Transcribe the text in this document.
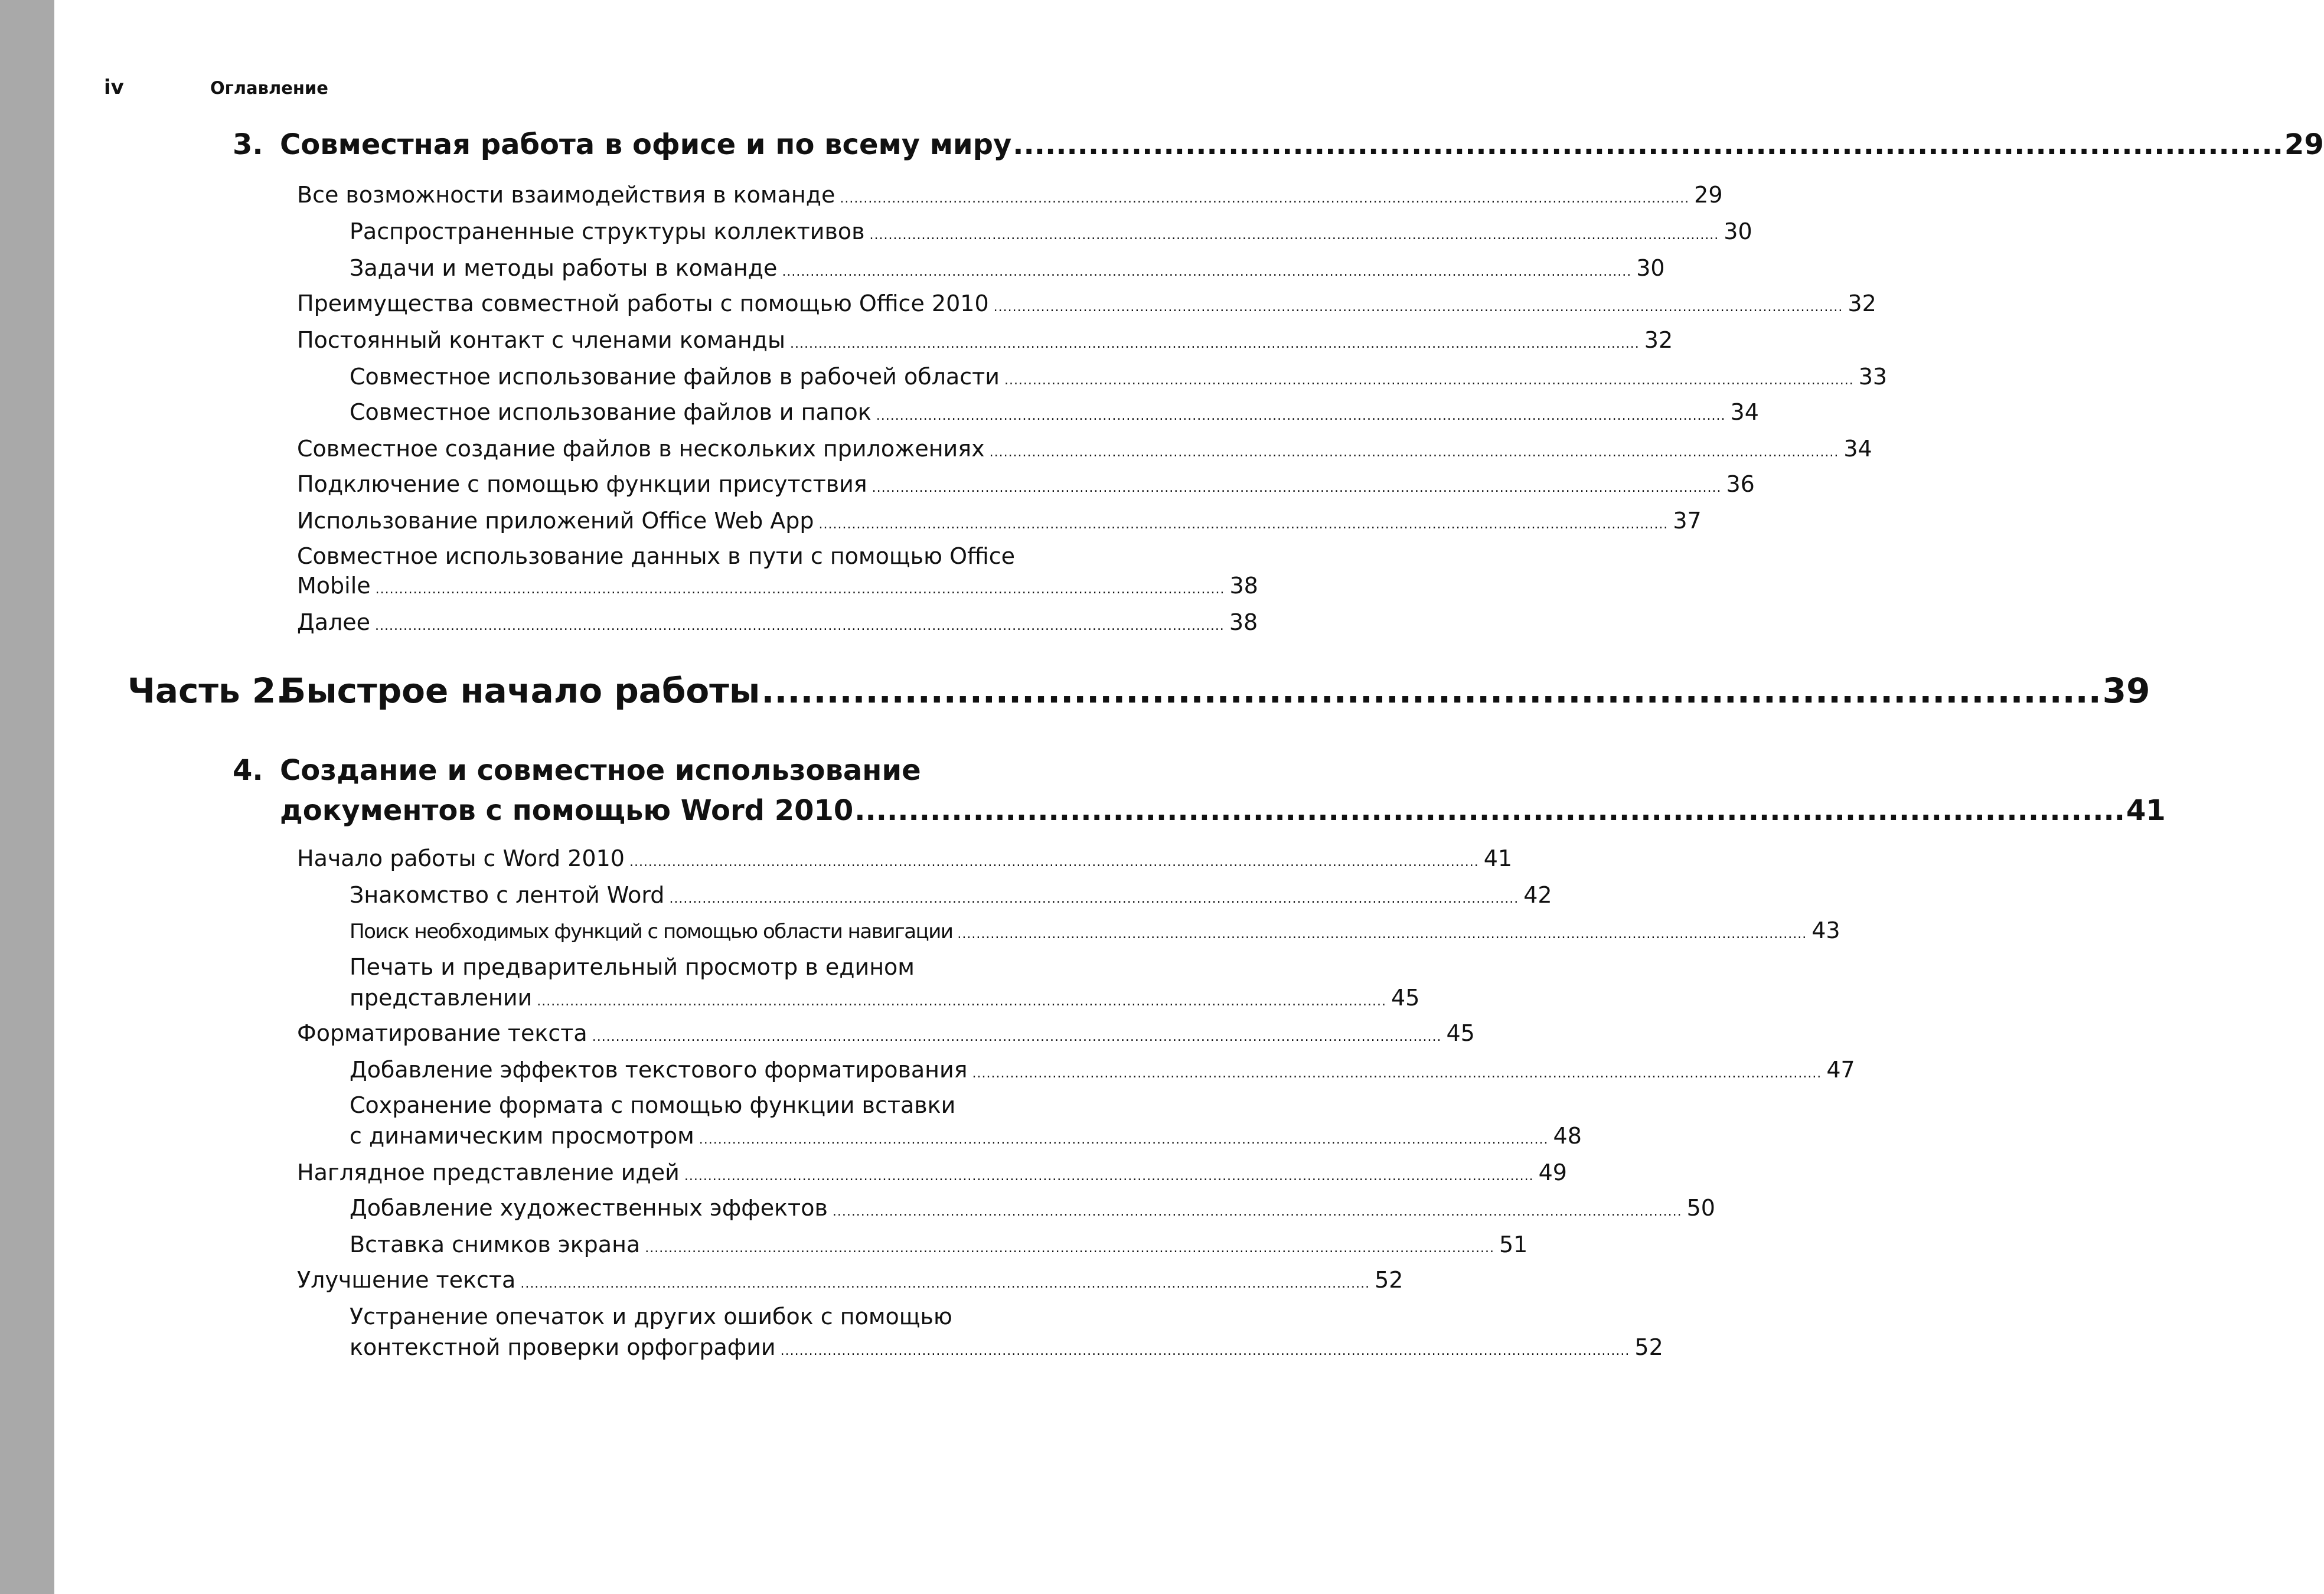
iv	Оглавление
3. Совместная работа в офисе и по всему миру ...................................................................................................................... 29
Все возможности взаимодействия в команде .................................................................................................................................................................................... 29
Распространенные структуры коллективов .................................................................................................................................................................................... 30
Задачи и методы работы в команде .................................................................................................................................................................................... 30
Преимущества совместной работы с помощью Office 2010 .................................................................................................................................................................................... 32
Постоянный контакт с членами команды .................................................................................................................................................................................... 32
Совместное использование файлов в рабочей области .................................................................................................................................................................................... 33
Совместное использование файлов и папок .................................................................................................................................................................................... 34
Совместное создание файлов в нескольких приложениях .................................................................................................................................................................................... 34
Подключение с помощью функции присутствия .................................................................................................................................................................................... 36
Использование приложений Office Web App .................................................................................................................................................................................... 37
Совместное использование данных в пути с помощью Office
Mobile .................................................................................................................................................................................... 38
Далее .................................................................................................................................................................................... 38
Часть 2.
Быстрое начало работы ....................................................................................................... 39
4. Создание и совместное использование
документов с помощью Word 2010 ...................................................................................................................... 41
Начало работы с Word 2010 .................................................................................................................................................................................... 41
Знакомство с лентой Word .................................................................................................................................................................................... 42
Поиск необходимых функций с помощью области навигации .................................................................................................................................................................................... 43
Печать и предварительный просмотр в едином
представлении .................................................................................................................................................................................... 45
Форматирование текста .................................................................................................................................................................................... 45
Добавление эффектов текстового форматирования .................................................................................................................................................................................... 47
Сохранение формата с помощью функции вставки
с динамическим просмотром .................................................................................................................................................................................... 48
Наглядное представление идей .................................................................................................................................................................................... 49
Добавление художественных эффектов .................................................................................................................................................................................... 50
Вставка снимков экрана .................................................................................................................................................................................... 51
Улучшение текста .................................................................................................................................................................................... 52
Устранение опечаток и других ошибок с помощью
контекстной проверки орфографии .................................................................................................................................................................................... 52
